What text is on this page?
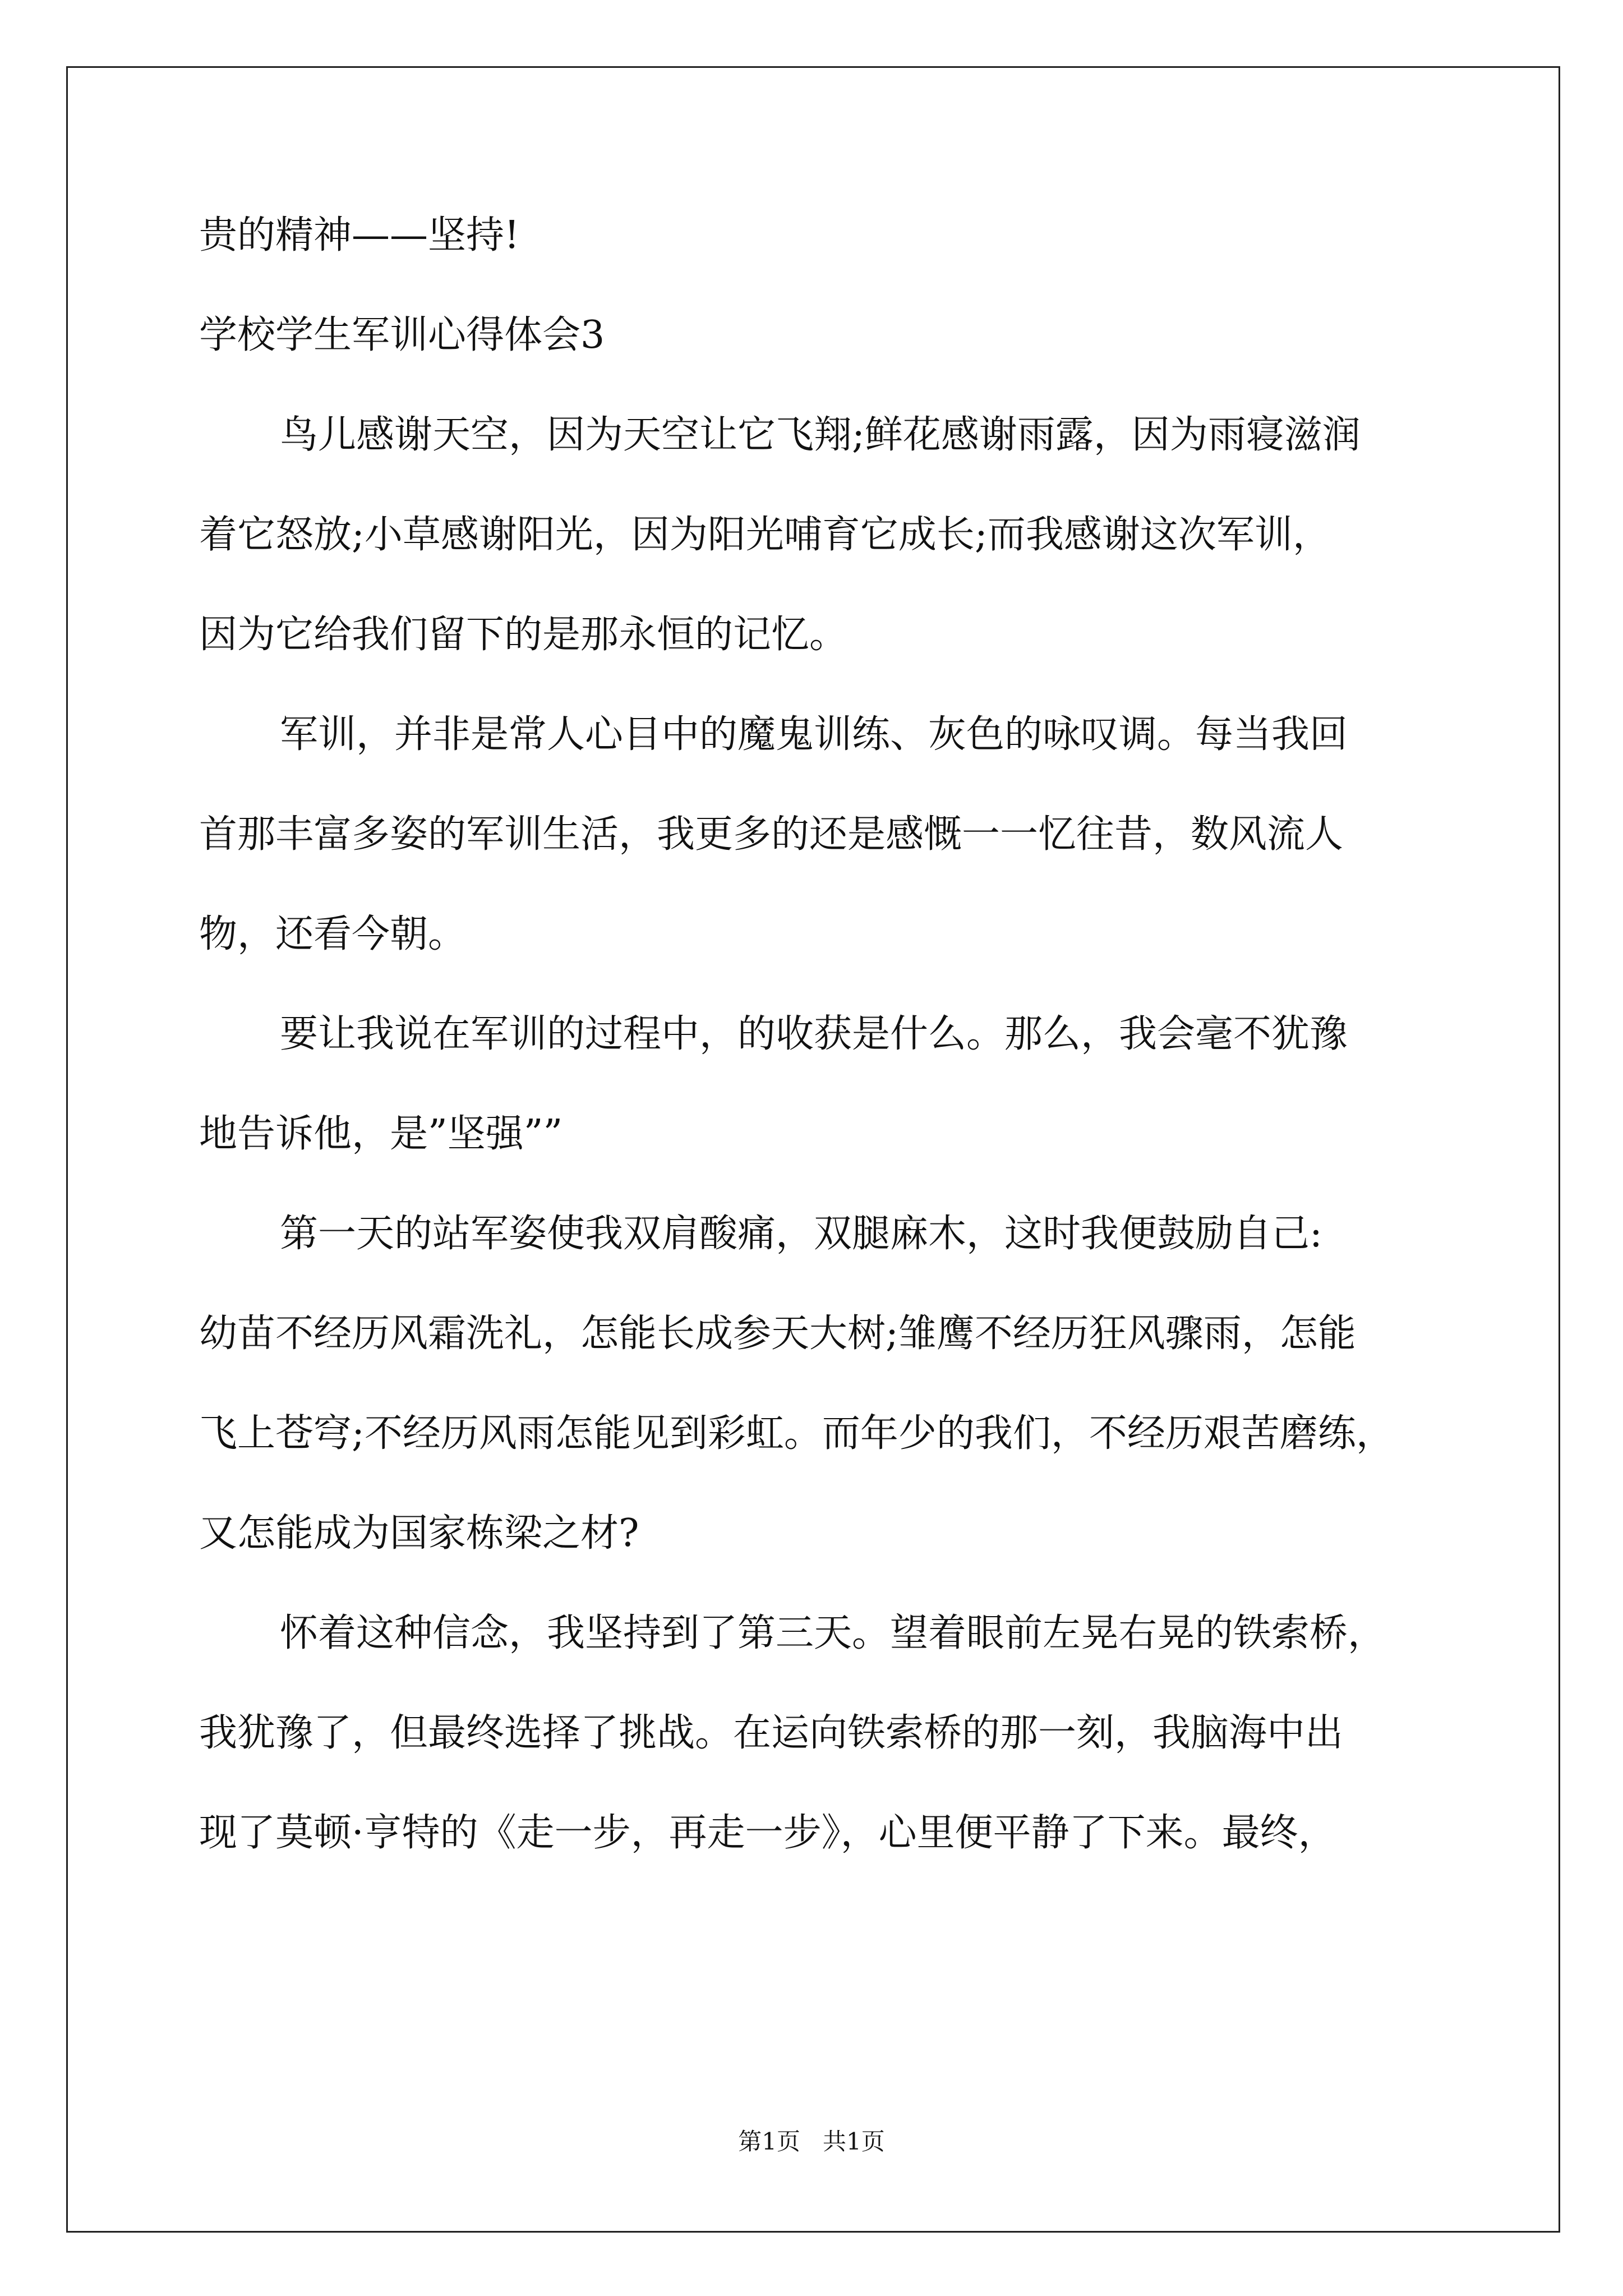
贵的精神——坚持!

学校学生军训心得体会3

鸟儿感谢天空，因为天空让它飞翔;鲜花感谢雨露，因为雨寝滋润

着它怒放;小草感谢阳光，因为阳光哺育它成长;而我感谢这次军训，

因为它给我们留下的是那永恒的记忆。

军训，并非是常人心目中的魔鬼训练、灰色的咏叹调。每当我回

首那丰富多姿的军训生活，我更多的还是感慨一一忆往昔，数风流人

物，还看今朝。

要让我说在军训的过程中，的收获是什么。那么，我会毫不犹豫

地告诉他，是”坚强””

第一天的站军姿使我双肩酸痛，双腿麻木，这时我便鼓励自己:

幼苗不经历风霜洗礼，怎能长成参天大树;雏鹰不经历狂风骤雨，怎能

飞上苍穹;不经历风雨怎能见到彩虹。而年少的我们，不经历艰苦磨练，

又怎能成为国家栋梁之材?

怀着这种信念，我坚持到了第三天。望着眼前左晃右晃的铁索桥，

我犹豫了，但最终选择了挑战。在运向铁索桥的那一刻，我脑海中出

现了莫顿·亨特的《走一步，再走一步》，心里便平静了下来。最终，

第1页   共1页
